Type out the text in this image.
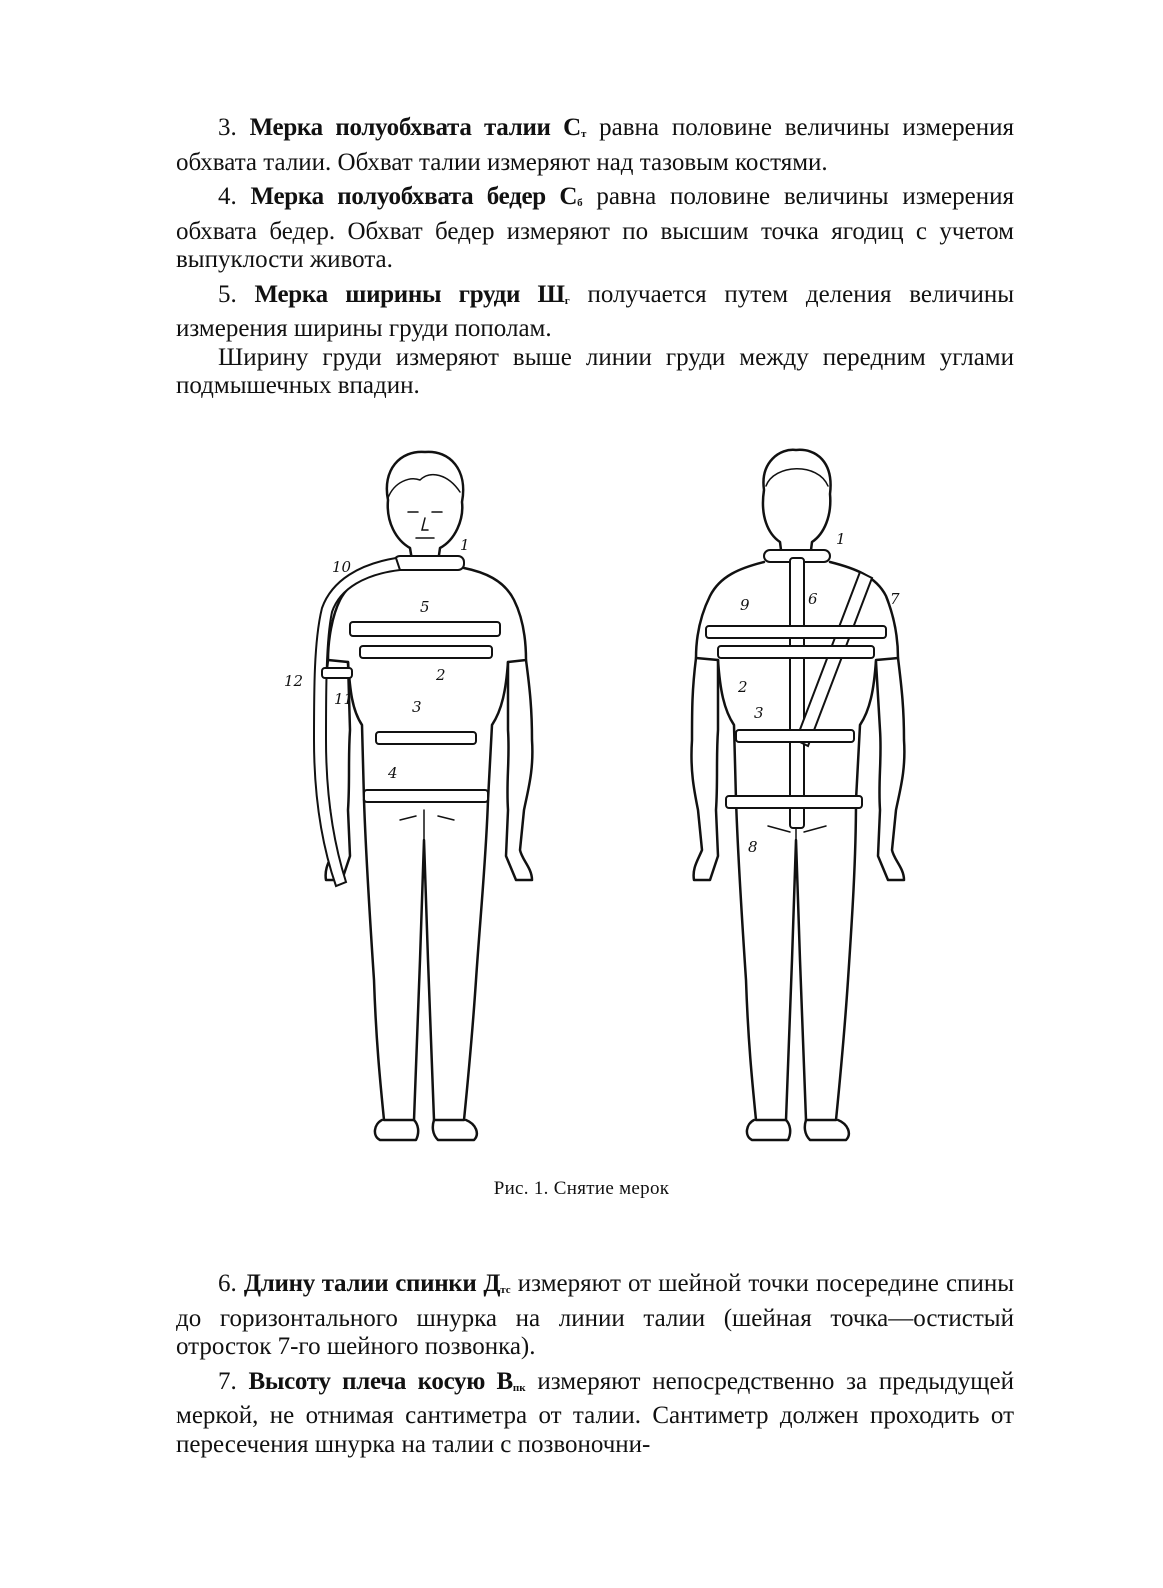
3. Мерка полуобхвата талии $С_т$ равна половине величины измерения обхвата талии. Обхват талии измеряют над тазовым костями.

4. Мерка полуобхвата бедер $С_б$ равна половине величины измерения обхвата бедер. Обхват бедер измеряют по высшим точка ягодиц с учетом выпуклости живота.

5. Мерка ширины груди $Ш_г$ получается путем деления величины измерения ширины груди пополам.

Ширину груди измеряют выше линии груди между передним углами подмышечных впадин.

1
10
5
2
12
11	3
4
1
7
9	6
2
3
8
Рис. 1. Снятие мерок

6. Длину талии спинки $Д_{тс}$ измеряют от шейной точки посередине спины до горизонтального шнурка на линии талии (шейная точка—остистый отросток 7-го шейного позвонка).

7. Высоту плеча косую $В_{пк}$ измеряют непосредственно за предыдущей меркой, не отнимая сантиметра от талии. Сантиметр должен проходить от пересечения шнурка на талии с позвоночни-
